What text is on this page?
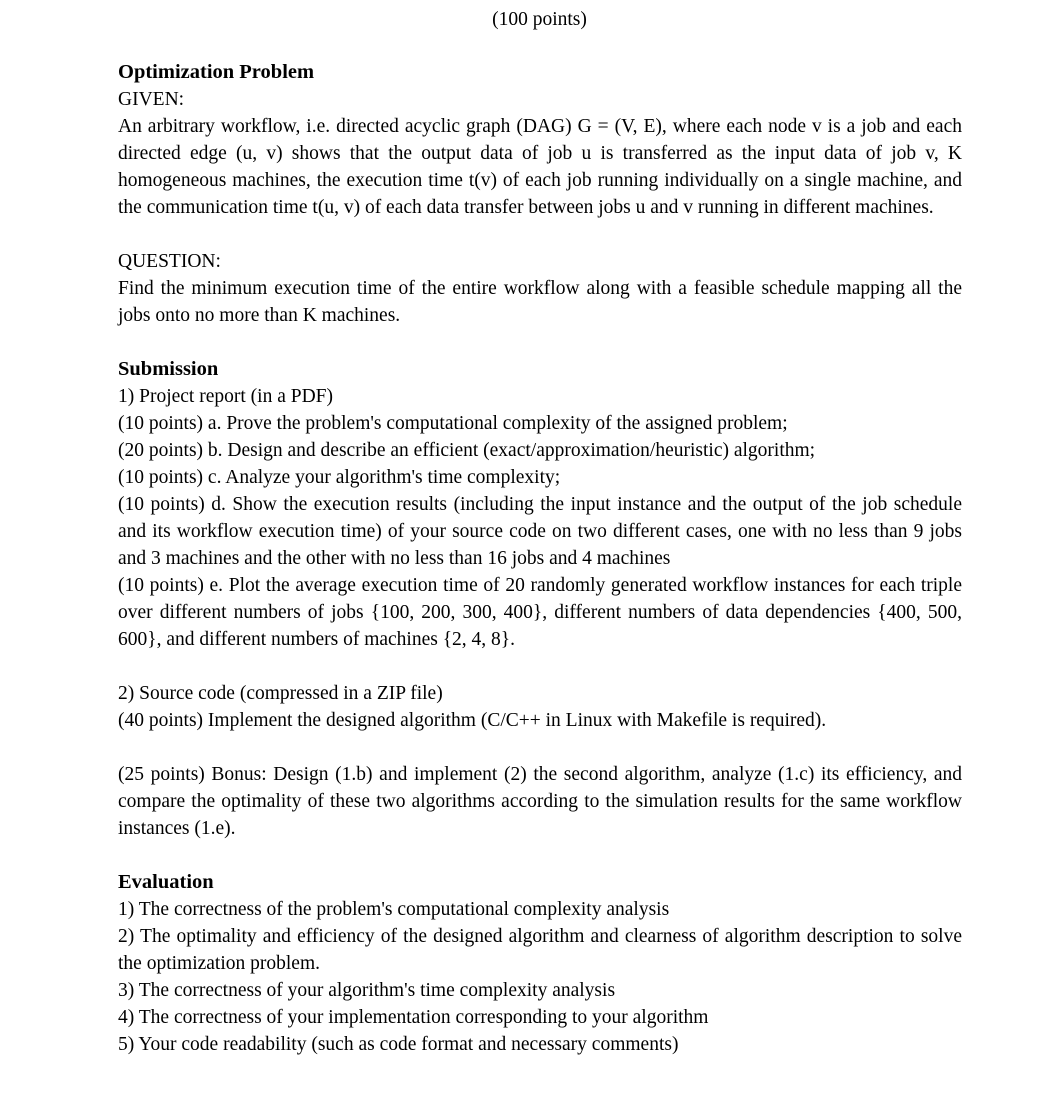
(100 points)
Optimization Problem
GIVEN:
An arbitrary workflow, i.e. directed acyclic graph (DAG) G = (V, E), where each node v is a job and each directed edge (u, v) shows that the output data of job u is transferred as the input data of job v, K homogeneous machines, the execution time t(v) of each job running individually on a single machine, and the communication time t(u, v) of each data transfer between jobs u and v running in different machines.
QUESTION:
Find the minimum execution time of the entire workflow along with a feasible schedule mapping all the jobs onto no more than K machines.
Submission
1) Project report (in a PDF)
(10 points) a. Prove the problem's computational complexity of the assigned problem;
(20 points) b. Design and describe an efficient (exact/approximation/heuristic) algorithm;
(10 points) c. Analyze your algorithm's time complexity;
(10 points) d. Show the execution results (including the input instance and the output of the job schedule and its workflow execution time) of your source code on two different cases, one with no less than 9 jobs and 3 machines and the other with no less than 16 jobs and 4 machines
(10 points) e. Plot the average execution time of 20 randomly generated workflow instances for each triple over different numbers of jobs {100, 200, 300, 400}, different numbers of data dependencies {400, 500, 600}, and different numbers of machines {2, 4, 8}.
2) Source code (compressed in a ZIP file)
(40 points) Implement the designed algorithm (C/C++ in Linux with Makefile is required).
(25 points) Bonus: Design (1.b) and implement (2) the second algorithm, analyze (1.c) its efficiency, and compare the optimality of these two algorithms according to the simulation results for the same workflow instances (1.e).
Evaluation
1) The correctness of the problem's computational complexity analysis
2) The optimality and efficiency of the designed algorithm and clearness of algorithm description to solve the optimization problem.
3) The correctness of your algorithm's time complexity analysis
4) The correctness of your implementation corresponding to your algorithm
5) Your code readability (such as code format and necessary comments)
